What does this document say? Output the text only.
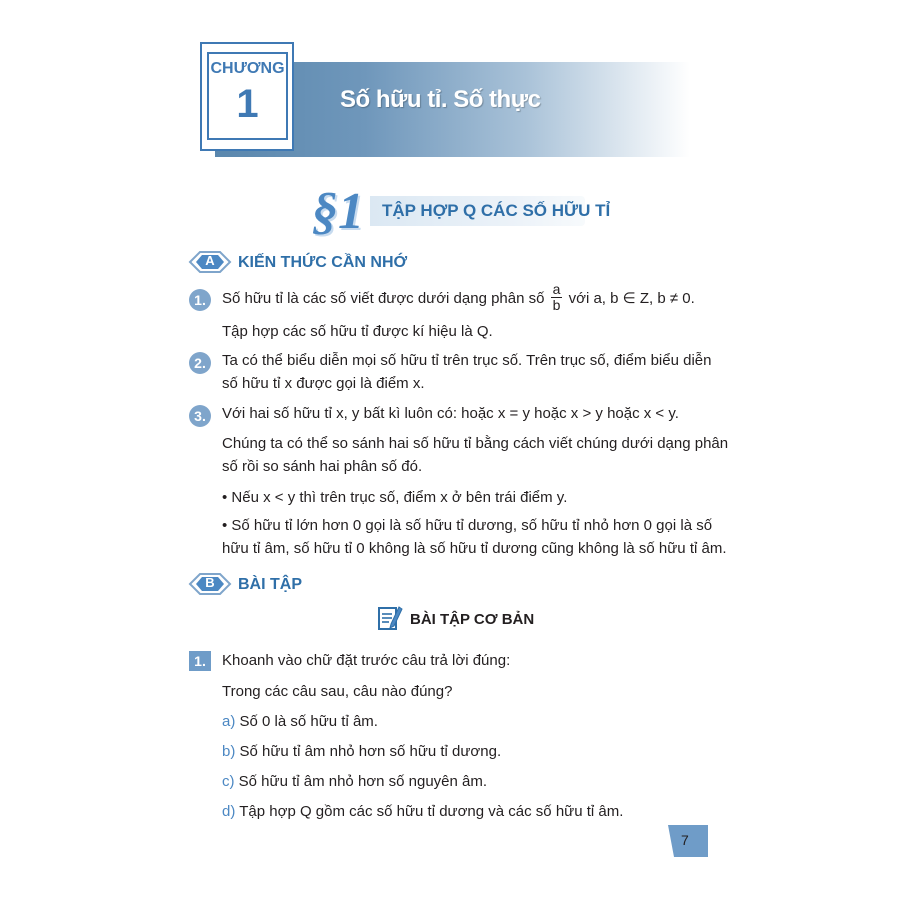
Số hữu tỉ. Số thực
CHƯƠNG
1
§1 TẬP HỢP Q CÁC SỐ HỮU TỈ
A	KIẾN THỨC CẦN NHỚ
1.	Số hữu tỉ là các số viết được dưới dạng phân số $\frac{a}{b}$ với a, b ∈ Z, b ≠ 0.
Tập hợp các số hữu tỉ được kí hiệu là Q.
2.	Ta có thể biểu diễn mọi số hữu tỉ trên trục số. Trên trục số, điểm biểu diễn
số hữu tỉ x được gọi là điểm x.
3.	Với hai số hữu tỉ x, y bất kì luôn có: hoặc x = y hoặc x > y hoặc x < y.
Chúng ta có thể so sánh hai số hữu tỉ bằng cách viết chúng dưới dạng phân
số rồi so sánh hai phân số đó.
• Nếu x < y thì trên trục số, điểm x ở bên trái điểm y.
• Số hữu tỉ lớn hơn 0 gọi là số hữu tỉ dương, số hữu tỉ nhỏ hơn 0 gọi là số
hữu tỉ âm, số hữu tỉ 0 không là số hữu tỉ dương cũng không là số hữu tỉ âm.
B	BÀI TẬP
BÀI TẬP CƠ BẢN
1.	Khoanh vào chữ đặt trước câu trả lời đúng:
Trong các câu sau, câu nào đúng?
a) Số 0 là số hữu tỉ âm.
b) Số hữu tỉ âm nhỏ hơn số hữu tỉ dương.
c) Số hữu tỉ âm nhỏ hơn số nguyên âm.
d) Tập hợp Q gồm các số hữu tỉ dương và các số hữu tỉ âm.
7
